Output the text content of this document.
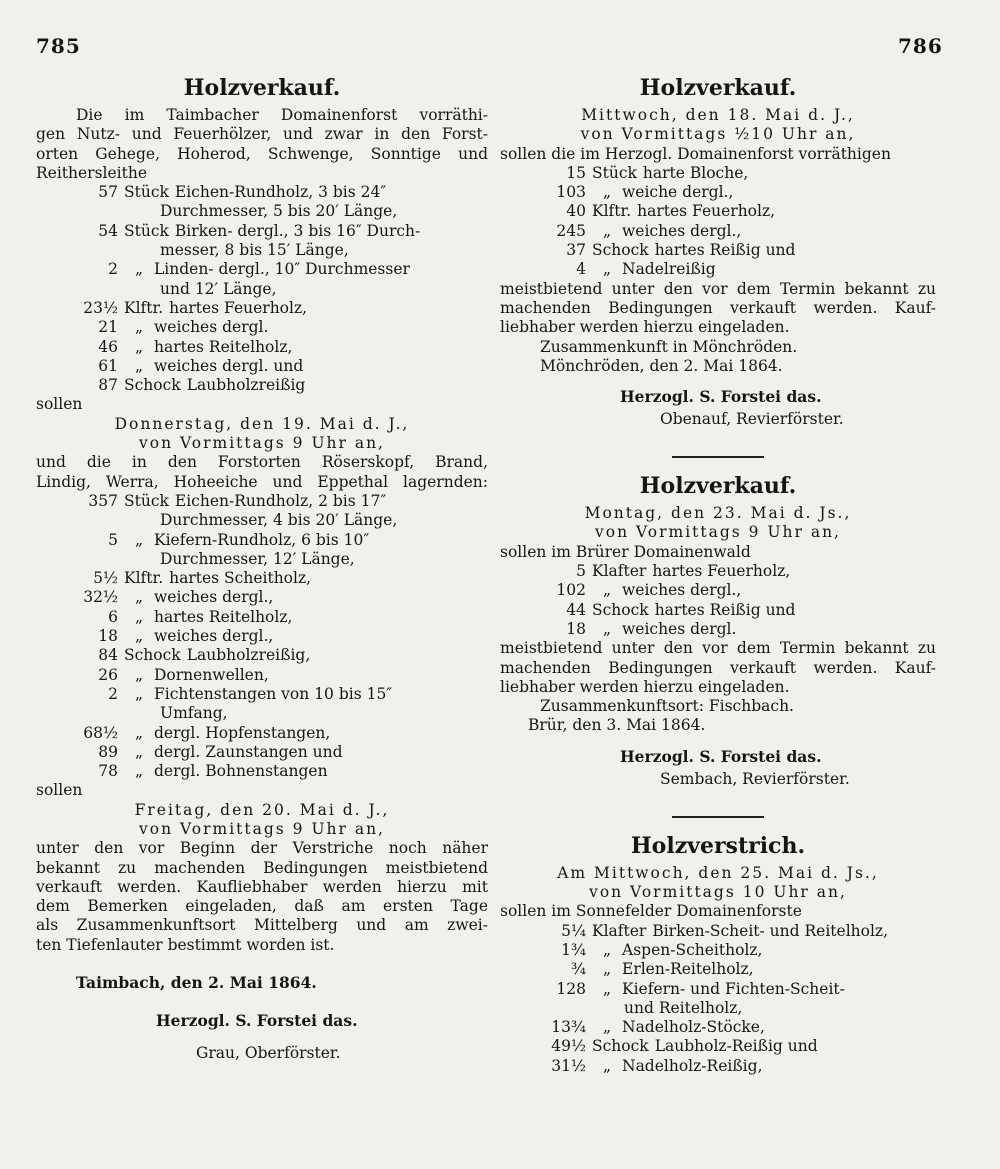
785	786
Holzverkauf.
Die im Taimbacher Domainenforst vorräthi-
gen Nutz- und Feuerhölzer, und zwar in den Forst-
orten Gehege, Hoherod, Schwenge, Sonntige und
Reithersleithe
57 Stück Eichen-Rundholz, 3 bis 24″
Durchmesser, 5 bis 20′ Länge,
54 Stück Birken- dergl., 3 bis 16″ Durch-
messer, 8 bis 15′ Länge,
2	„ Linden- dergl., 10″ Durchmesser
und 12′ Länge,
23½ Klftr. hartes Feuerholz,
21	„ weiches dergl.
46	„ hartes Reitelholz,
61	„ weiches dergl. und
87 Schock Laubholzreißig
sollen
Donnerstag, den 19. Mai d. J.,
von Vormittags 9 Uhr an,
und die in den Forstorten Röserskopf, Brand,
Lindig, Werra, Hoheeiche und Eppethal lagernden:
357 Stück Eichen-Rundholz, 2 bis 17″
Durchmesser, 4 bis 20′ Länge,
5	„ Kiefern-Rundholz, 6 bis 10″
Durchmesser, 12′ Länge,
5½ Klftr. hartes Scheitholz,
32½	„ weiches dergl.,
6	„ hartes Reitelholz,
18	„ weiches dergl.,
84 Schock Laubholzreißig,
26	„ Dornenwellen,
2	„ Fichtenstangen von 10 bis 15″
Umfang,
68½	„ dergl. Hopfenstangen,
89	„ dergl. Zaunstangen und
78	„ dergl. Bohnenstangen
sollen
Freitag, den 20. Mai d. J.,
von Vormittags 9 Uhr an,
unter den vor Beginn der Verstriche noch näher
bekannt zu machenden Bedingungen meistbietend
verkauft werden. Kaufliebhaber werden hierzu mit
dem Bemerken eingeladen, daß am ersten Tage
als Zusammenkunftsort Mittelberg und am zwei-
ten Tiefenlauter bestimmt worden ist.
Taimbach, den 2. Mai 1864.
Herzogl. S. Forstei das.
Grau, Oberförster.
Holzverkauf.
Mittwoch, den 18. Mai d. J.,
von Vormittags ½10 Uhr an,
sollen die im Herzogl. Domainenforst vorräthigen
15 Stück harte Bloche,
103	„ weiche dergl.,
40 Klftr. hartes Feuerholz,
245	„ weiches dergl.,
37 Schock hartes Reißig und
4	„ Nadelreißig
meistbietend unter den vor dem Termin bekannt zu
machenden Bedingungen verkauft werden. Kauf-
liebhaber werden hierzu eingeladen.
Zusammenkunft in Mönchröden.
Mönchröden, den 2. Mai 1864.
Herzogl. S. Forstei das.
Obenauf, Revierförster.
Holzverkauf.
Montag, den 23. Mai d. Js.,
von Vormittags 9 Uhr an,
sollen im Brürer Domainenwald
5 Klafter hartes Feuerholz,
102	„ weiches dergl.,
44 Schock hartes Reißig und
18	„ weiches dergl.
meistbietend unter den vor dem Termin bekannt zu
machenden Bedingungen verkauft werden. Kauf-
liebhaber werden hierzu eingeladen.
Zusammenkunftsort: Fischbach.
Brür, den 3. Mai 1864.
Herzogl. S. Forstei das.
Sembach, Revierförster.
Holzverstrich.
Am Mittwoch, den 25. Mai d. Js.,
von Vormittags 10 Uhr an,
sollen im Sonnefelder Domainenforste
5¼ Klafter Birken-Scheit- und Reitelholz,
1¾	„ Aspen-Scheitholz,
¾	„ Erlen-Reitelholz,
128	„ Kiefern- und Fichten-Scheit-
und Reitelholz,
13¾	„ Nadelholz-Stöcke,
49½ Schock Laubholz-Reißig und
31½	„ Nadelholz-Reißig,
